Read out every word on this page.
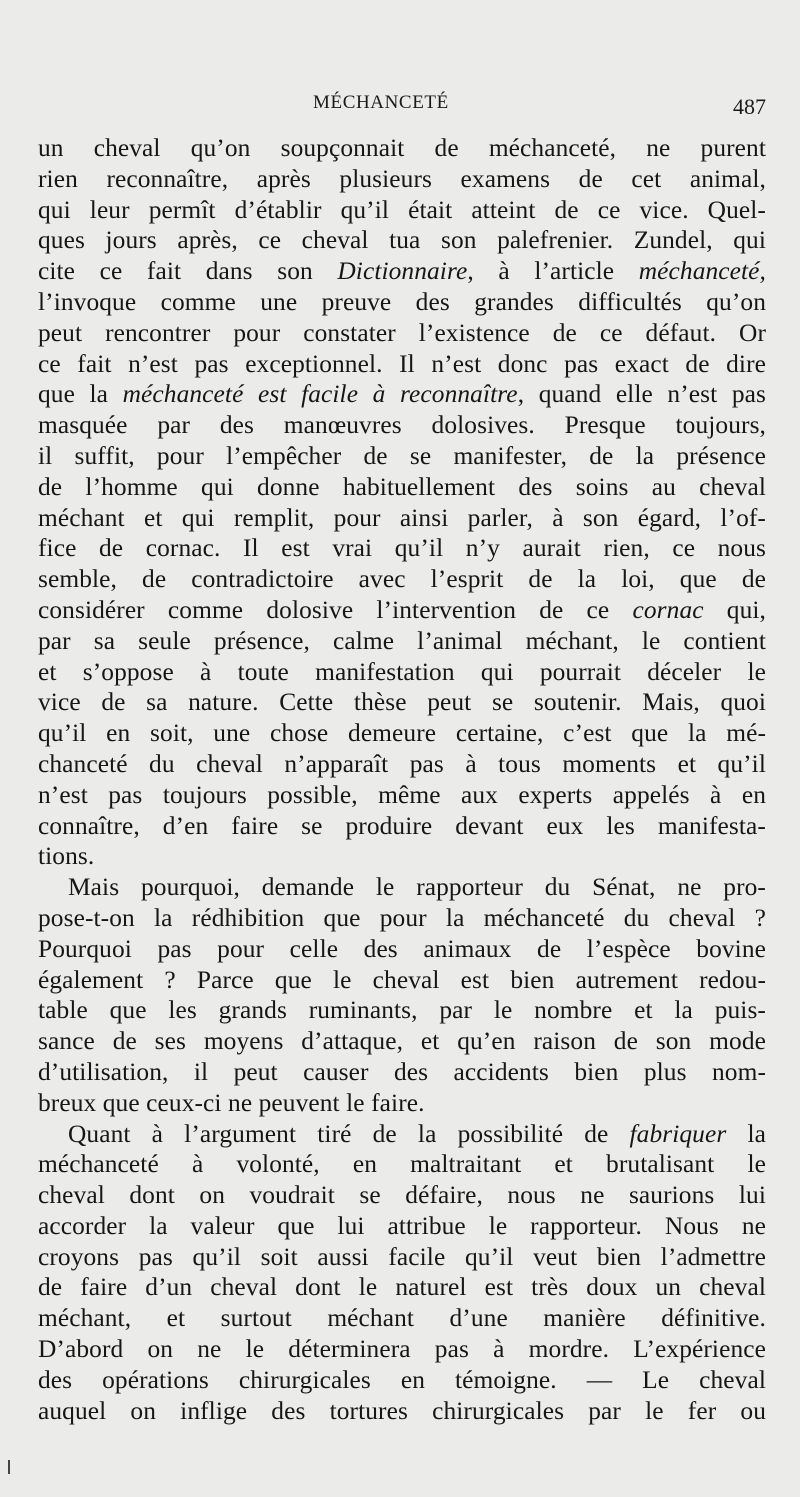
MÉCHANCETÉ	487
un cheval qu’on soupçonnait de méchanceté, ne purent
rien reconnaître, après plusieurs examens de cet animal,
qui leur permît d’établir qu’il était atteint de ce vice. Quel-
ques jours après, ce cheval tua son palefrenier. Zundel, qui
cite ce fait dans son Dictionnaire, à l’article méchanceté,
l’invoque comme une preuve des grandes difficultés qu’on
peut rencontrer pour constater l’existence de ce défaut. Or
ce fait n’est pas exceptionnel. Il n’est donc pas exact de dire
que la méchanceté est facile à reconnaître, quand elle n’est pas
masquée par des manœuvres dolosives. Presque toujours,
il suffit, pour l’empêcher de se manifester, de la présence
de l’homme qui donne habituellement des soins au cheval
méchant et qui remplit, pour ainsi parler, à son égard, l’of-
fice de cornac. Il est vrai qu’il n’y aurait rien, ce nous
semble, de contradictoire avec l’esprit de la loi, que de
considérer comme dolosive l’intervention de ce cornac qui,
par sa seule présence, calme l’animal méchant, le contient
et s’oppose à toute manifestation qui pourrait déceler le
vice de sa nature. Cette thèse peut se soutenir. Mais, quoi
qu’il en soit, une chose demeure certaine, c’est que la mé-
chanceté du cheval n’apparaît pas à tous moments et qu’il
n’est pas toujours possible, même aux experts appelés à en
connaître, d’en faire se produire devant eux les manifesta-
tions.
Mais pourquoi, demande le rapporteur du Sénat, ne pro-
pose-t-on la rédhibition que pour la méchanceté du cheval ?
Pourquoi pas pour celle des animaux de l’espèce bovine
également ? Parce que le cheval est bien autrement redou-
table que les grands ruminants, par le nombre et la puis-
sance de ses moyens d’attaque, et qu’en raison de son mode
d’utilisation, il peut causer des accidents bien plus nom-
breux que ceux-ci ne peuvent le faire.
Quant à l’argument tiré de la possibilité de fabriquer la
méchanceté à volonté, en maltraitant et brutalisant le
cheval dont on voudrait se défaire, nous ne saurions lui
accorder la valeur que lui attribue le rapporteur. Nous ne
croyons pas qu’il soit aussi facile qu’il veut bien l’admettre
de faire d’un cheval dont le naturel est très doux un cheval
méchant, et surtout méchant d’une manière définitive.
D’abord on ne le déterminera pas à mordre. L’expérience
des opérations chirurgicales en témoigne. — Le cheval
auquel on inflige des tortures chirurgicales par le fer ou
